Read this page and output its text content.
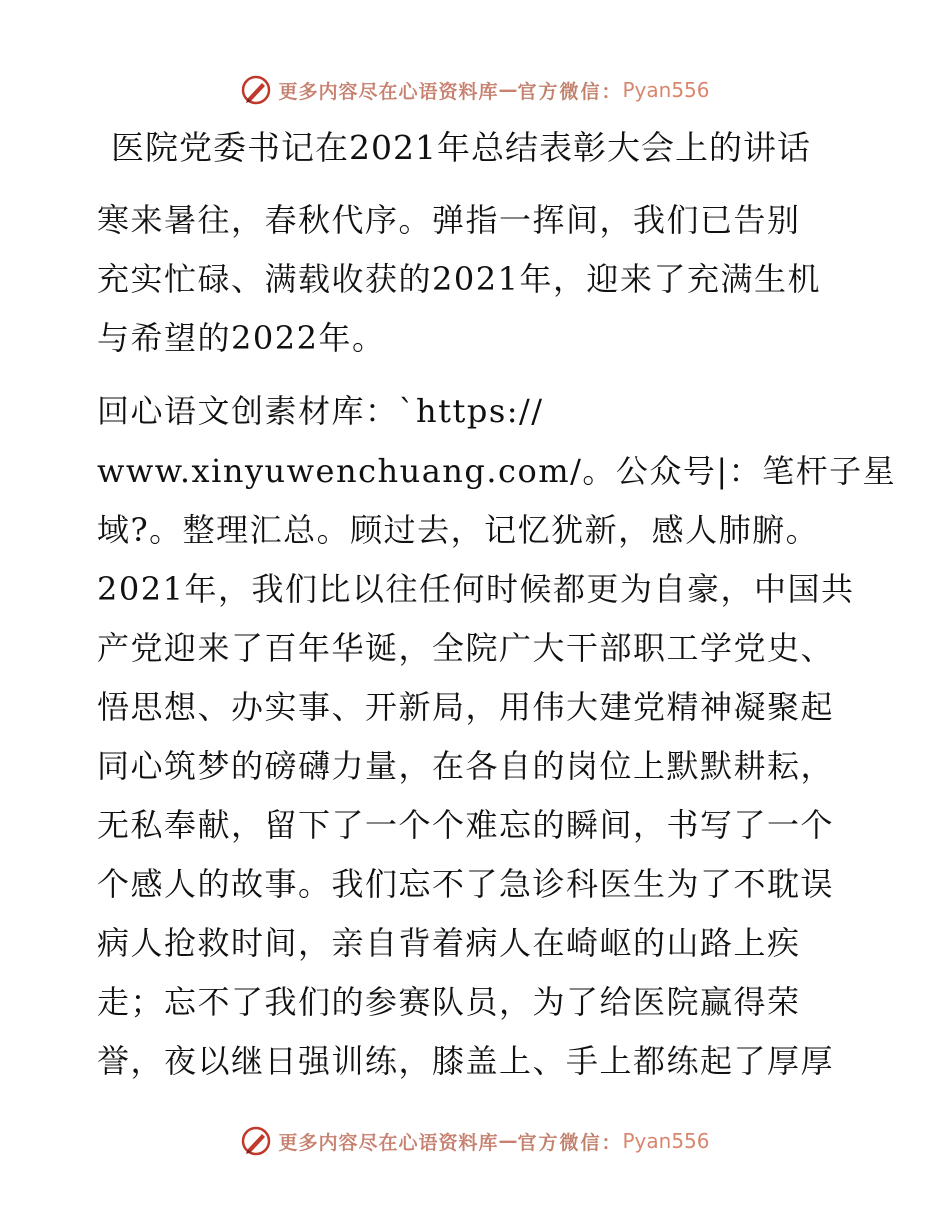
更多内容尽在心语资料库 — 官方微信： Pyan556
医院党委书记在2021年总结表彰大会上的讲话
寒来暑往，春秋代序。弹指一挥间，我们已告别
充实忙碌、满载收获的2021年，迎来了充满生机
与希望的2022年。
回心语文创素材库：`https://
www.xinyuwenchuang.com/。公众号|：笔杆子星
域?。整理汇总。顾过去，记忆犹新，感人肺腑。
2021年，我们比以往任何时候都更为自豪，中国共
产党迎来了百年华诞，全院广大干部职工学党史、
悟思想、办实事、开新局，用伟大建党精神凝聚起
同心筑梦的磅礴力量，在各自的岗位上默默耕耘，
无私奉献，留下了一个个难忘的瞬间，书写了一个
个感人的故事。我们忘不了急诊科医生为了不耽误
病人抢救时间，亲自背着病人在崎岖的山路上疾
走；忘不了我们的参赛队员，为了给医院赢得荣
誉，夜以继日强训练，膝盖上、手上都练起了厚厚
更多内容尽在心语资料库 — 官方微信： Pyan556
